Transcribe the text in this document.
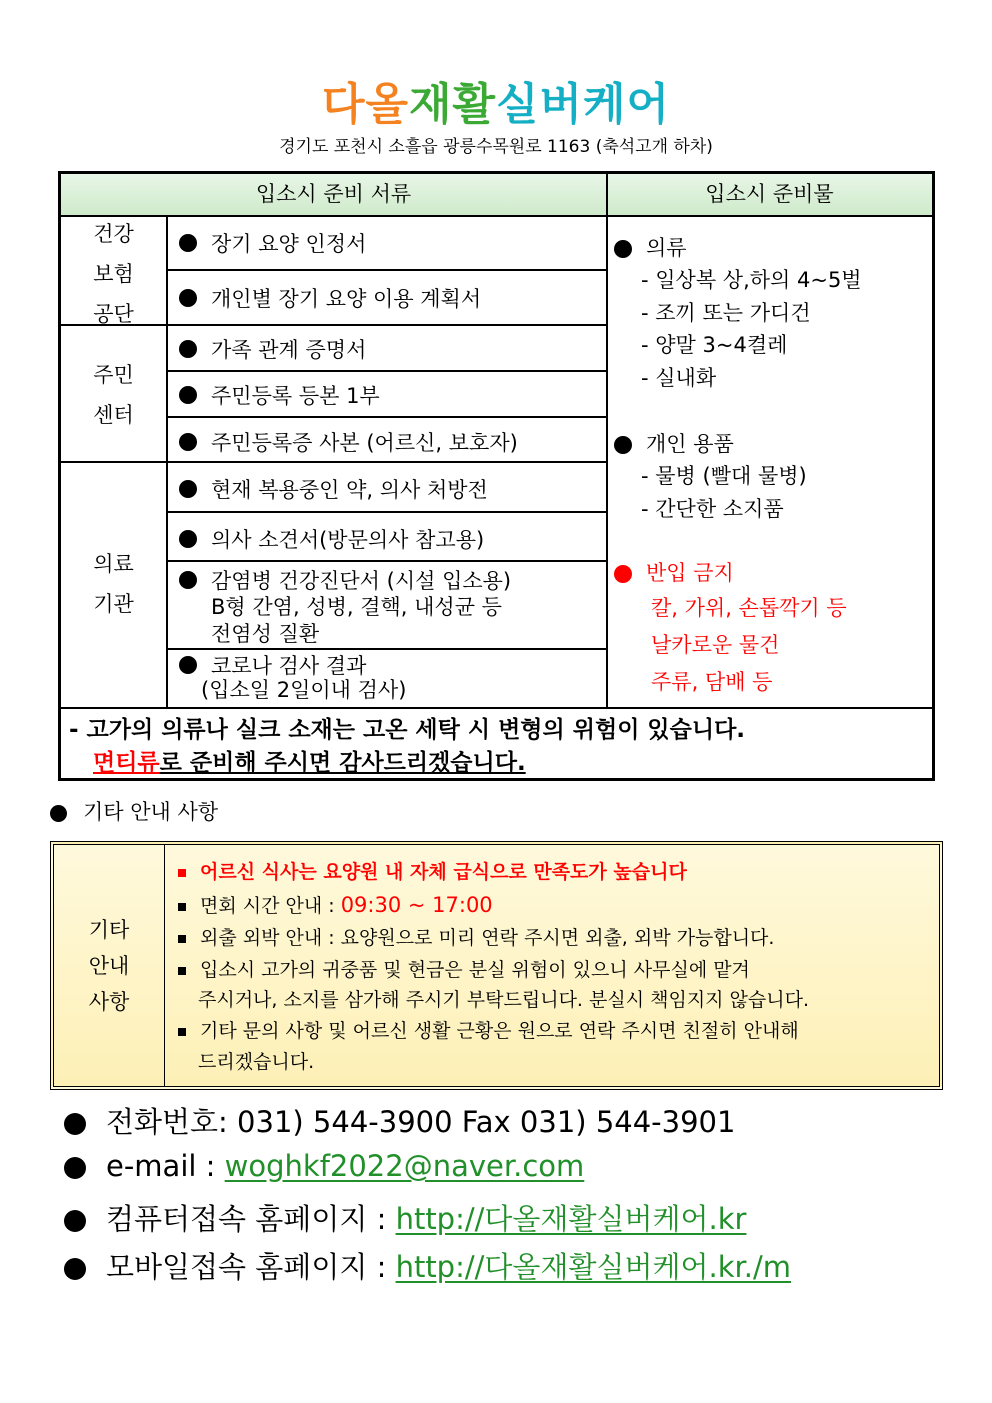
다올재활실버케어
경기도 포천시 소흘읍 광릉수목원로 1163 (축석고개 하차)
입소시 준비 서류	입소시 준비물
건강
보험
공단
주민
센터
의료
기관
장기 요양 인정서
개인별 장기 요양 이용 계획서
가족 관계 증명서
주민등록 등본 1부
주민등록증 사본 (어르신, 보호자)
현재 복용중인 약, 의사 처방전
의사 소견서(방문의사 참고용)
감염병 건강진단서 (시설 입소용)
B형 간염, 성병, 결핵, 내성균 등
전염성 질환
코로나 검사 결과
(입소일 2일이내 검사)
의류
- 일상복 상,하의 4~5벌
- 조끼 또는 가디건
- 양말 3~4켤레
- 실내화
개인 용품
- 물병 (빨대 물병)
- 간단한 소지품
반입 금지
칼, 가위, 손톱깍기 등
날카로운 물건
주류, 담배 등
- 고가의 의류나 실크 소재는 고온 세탁 시 변형의 위험이 있습니다.
면티류로 준비해 주시면 감사드리겠습니다.
기타 안내 사항
기타
안내
사항
어르신 식사는 요양원 내 자체 급식으로 만족도가 높습니다
면회 시간 안내 : 09:30 ~ 17:00
외출 외박 안내 : 요양원으로 미리 연락 주시면 외출, 외박 가능합니다.
입소시 고가의 귀중품 및 현금은 분실 위험이 있으니 사무실에 맡겨
주시거나, 소지를 삼가해 주시기 부탁드립니다. 분실시 책임지지 않습니다.
기타 문의 사항 및 어르신 생활 근황은 원으로 연락 주시면 친절히 안내해
드리겠습니다.
전화번호: 031) 544-3900 Fax 031) 544-3901
e-mail : woghkf2022@naver.com
컴퓨터접속 홈페이지 : http://다올재활실버케어.kr
모바일접속 홈페이지 : http://다올재활실버케어.kr./m
